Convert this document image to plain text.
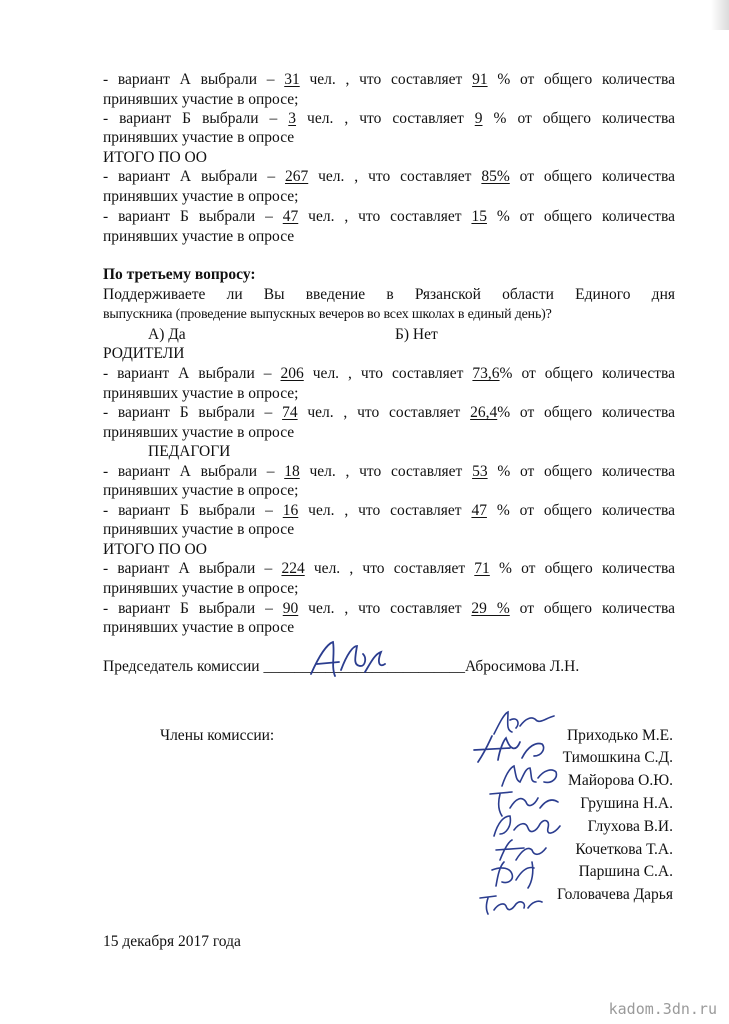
- вариант А выбрали – 31 чел. , что составляет 91 % от общего количества
принявших участие в опросе;
- вариант Б выбрали – 3 чел. , что составляет 9 % от общего количества
принявших участие в опросе
ИТОГО ПО ОО
- вариант А выбрали – 267 чел. , что составляет 85% от общего количества
принявших участие в опросе;
- вариант Б выбрали – 47 чел. , что составляет 15 % от общего количества
принявших участие в опросе
По третьему вопросу:
Поддерживаете ли Вы введение в Рязанской области Единого дня
выпускника (проведение выпускных вечеров во всех школах в единый день)?
А) Да	Б) Нет
РОДИТЕЛИ
- вариант А выбрали – 206 чел. , что составляет 73,6% от общего количества
принявших участие в опросе;
- вариант Б выбрали – 74 чел. , что составляет 26,4% от общего количества
принявших участие в опросе
ПЕДАГОГИ
- вариант А выбрали – 18 чел. , что составляет 53 % от общего количества
принявших участие в опросе;
- вариант Б выбрали – 16 чел. , что составляет 47 % от общего количества
принявших участие в опросе
ИТОГО ПО ОО
- вариант А выбрали – 224 чел. , что составляет 71 % от общего количества
принявших участие в опросе;
- вариант Б выбрали – 90 чел. , что составляет 29 % от общего количества
принявших участие в опросе
Председатель комиссии __________________________Абросимова Л.Н.
Члены комиссии:	Приходько М.Е.
Тимошкина С.Д.
Майорова О.Ю.
Грушина Н.А.
Глухова В.И.
Кочеткова Т.А.
Паршина С.А.
Головачева Дарья
15 декабря 2017 года
kadom.3dn.ru
